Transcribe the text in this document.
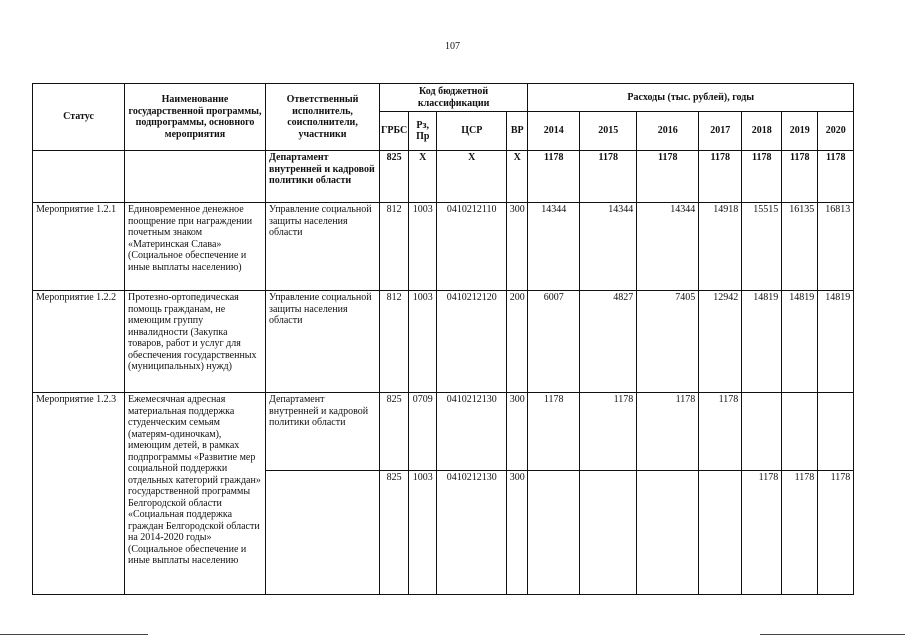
107
Статус	Наименование государственной программы, подпрограммы, основного мероприятия	Ответственный исполнитель, соисполнители, участники	Код бюджетной классификации				Расходы (тыс. рублей), годы						
			ГРБС	Рз, Пр	ЦСР	ВР	2014	2015	2016	2017	2018	2019	2020
		Департамент внутренней и кадровой политики области	825	X	X	X	1178	1178	1178	1178	1178	1178	1178
Мероприятие 1.2.1	Единовременное денежное поощрение при награждении почетным знаком «Материнская Слава» (Социальное обеспечение и иные выплаты населению)	Управление социальной защиты населения области	812	1003	0410212110	300	14344	14344	14344	14918	15515	16135	16813
Мероприятие 1.2.2	Протезно-ортопедическая помощь гражданам, не имеющим группу инвалидности (Закупка товаров, работ и услуг для обеспечения государственных (муниципальных) нужд)	Управление социальной защиты населения области	812	1003	0410212120	200	6007	4827	7405	12942	14819	14819	14819
Мероприятие 1.2.3	Ежемесячная адресная материальная поддержка студенческим семьям (матерям-одиночкам), имеющим детей, в рамках подпрограммы «Развитие мер социальной поддержки отдельных категорий граждан» государственной программы Белгородской области «Социальная поддержка граждан Белгородской области на 2014-2020 годы» (Социальное обеспечение и иные выплаты населению	Департамент внутренней и кадровой политики области	825	0709	0410212130	300	1178	1178	1178	1178			
			825	1003	0410212130	300					1178	1178	1178
